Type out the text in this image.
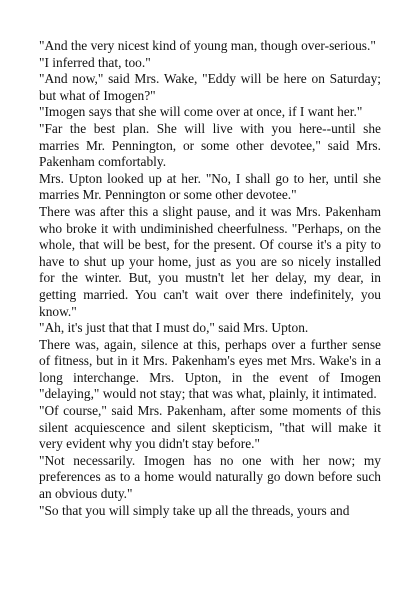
"And the very nicest kind of young man, though over-serious."

"I inferred that, too."

"And now," said Mrs. Wake, "Eddy will be here on Saturday; but what of Imogen?"

"Imogen says that she will come over at once, if I want her."

"Far the best plan. She will live with you here--until she marries Mr. Pennington, or some other devotee," said Mrs. Pakenham comfortably.

Mrs. Upton looked up at her. "No, I shall go to her, until she marries Mr. Pennington or some other devotee."

There was after this a slight pause, and it was Mrs. Pakenham who broke it with undiminished cheerfulness. "Perhaps, on the whole, that will be best, for the present. Of course it's a pity to have to shut up your home, just as you are so nicely installed for the winter. But, you mustn't let her delay, my dear, in getting married. You can't wait over there indefinitely, you know."

"Ah, it's just that that I must do," said Mrs. Upton.

There was, again, silence at this, perhaps over a further sense of fitness, but in it Mrs. Pakenham's eyes met Mrs. Wake's in a long interchange. Mrs. Upton, in the event of Imogen "delaying," would not stay; that was what, plainly, it intimated.

"Of course," said Mrs. Pakenham, after some moments of this silent acquiescence and silent skepticism, "that will make it very evident why you didn't stay before."

"Not necessarily. Imogen has no one with her now; my preferences as to a home would naturally go down before such an obvious duty."

"So that you will simply take up all the threads, yours and
